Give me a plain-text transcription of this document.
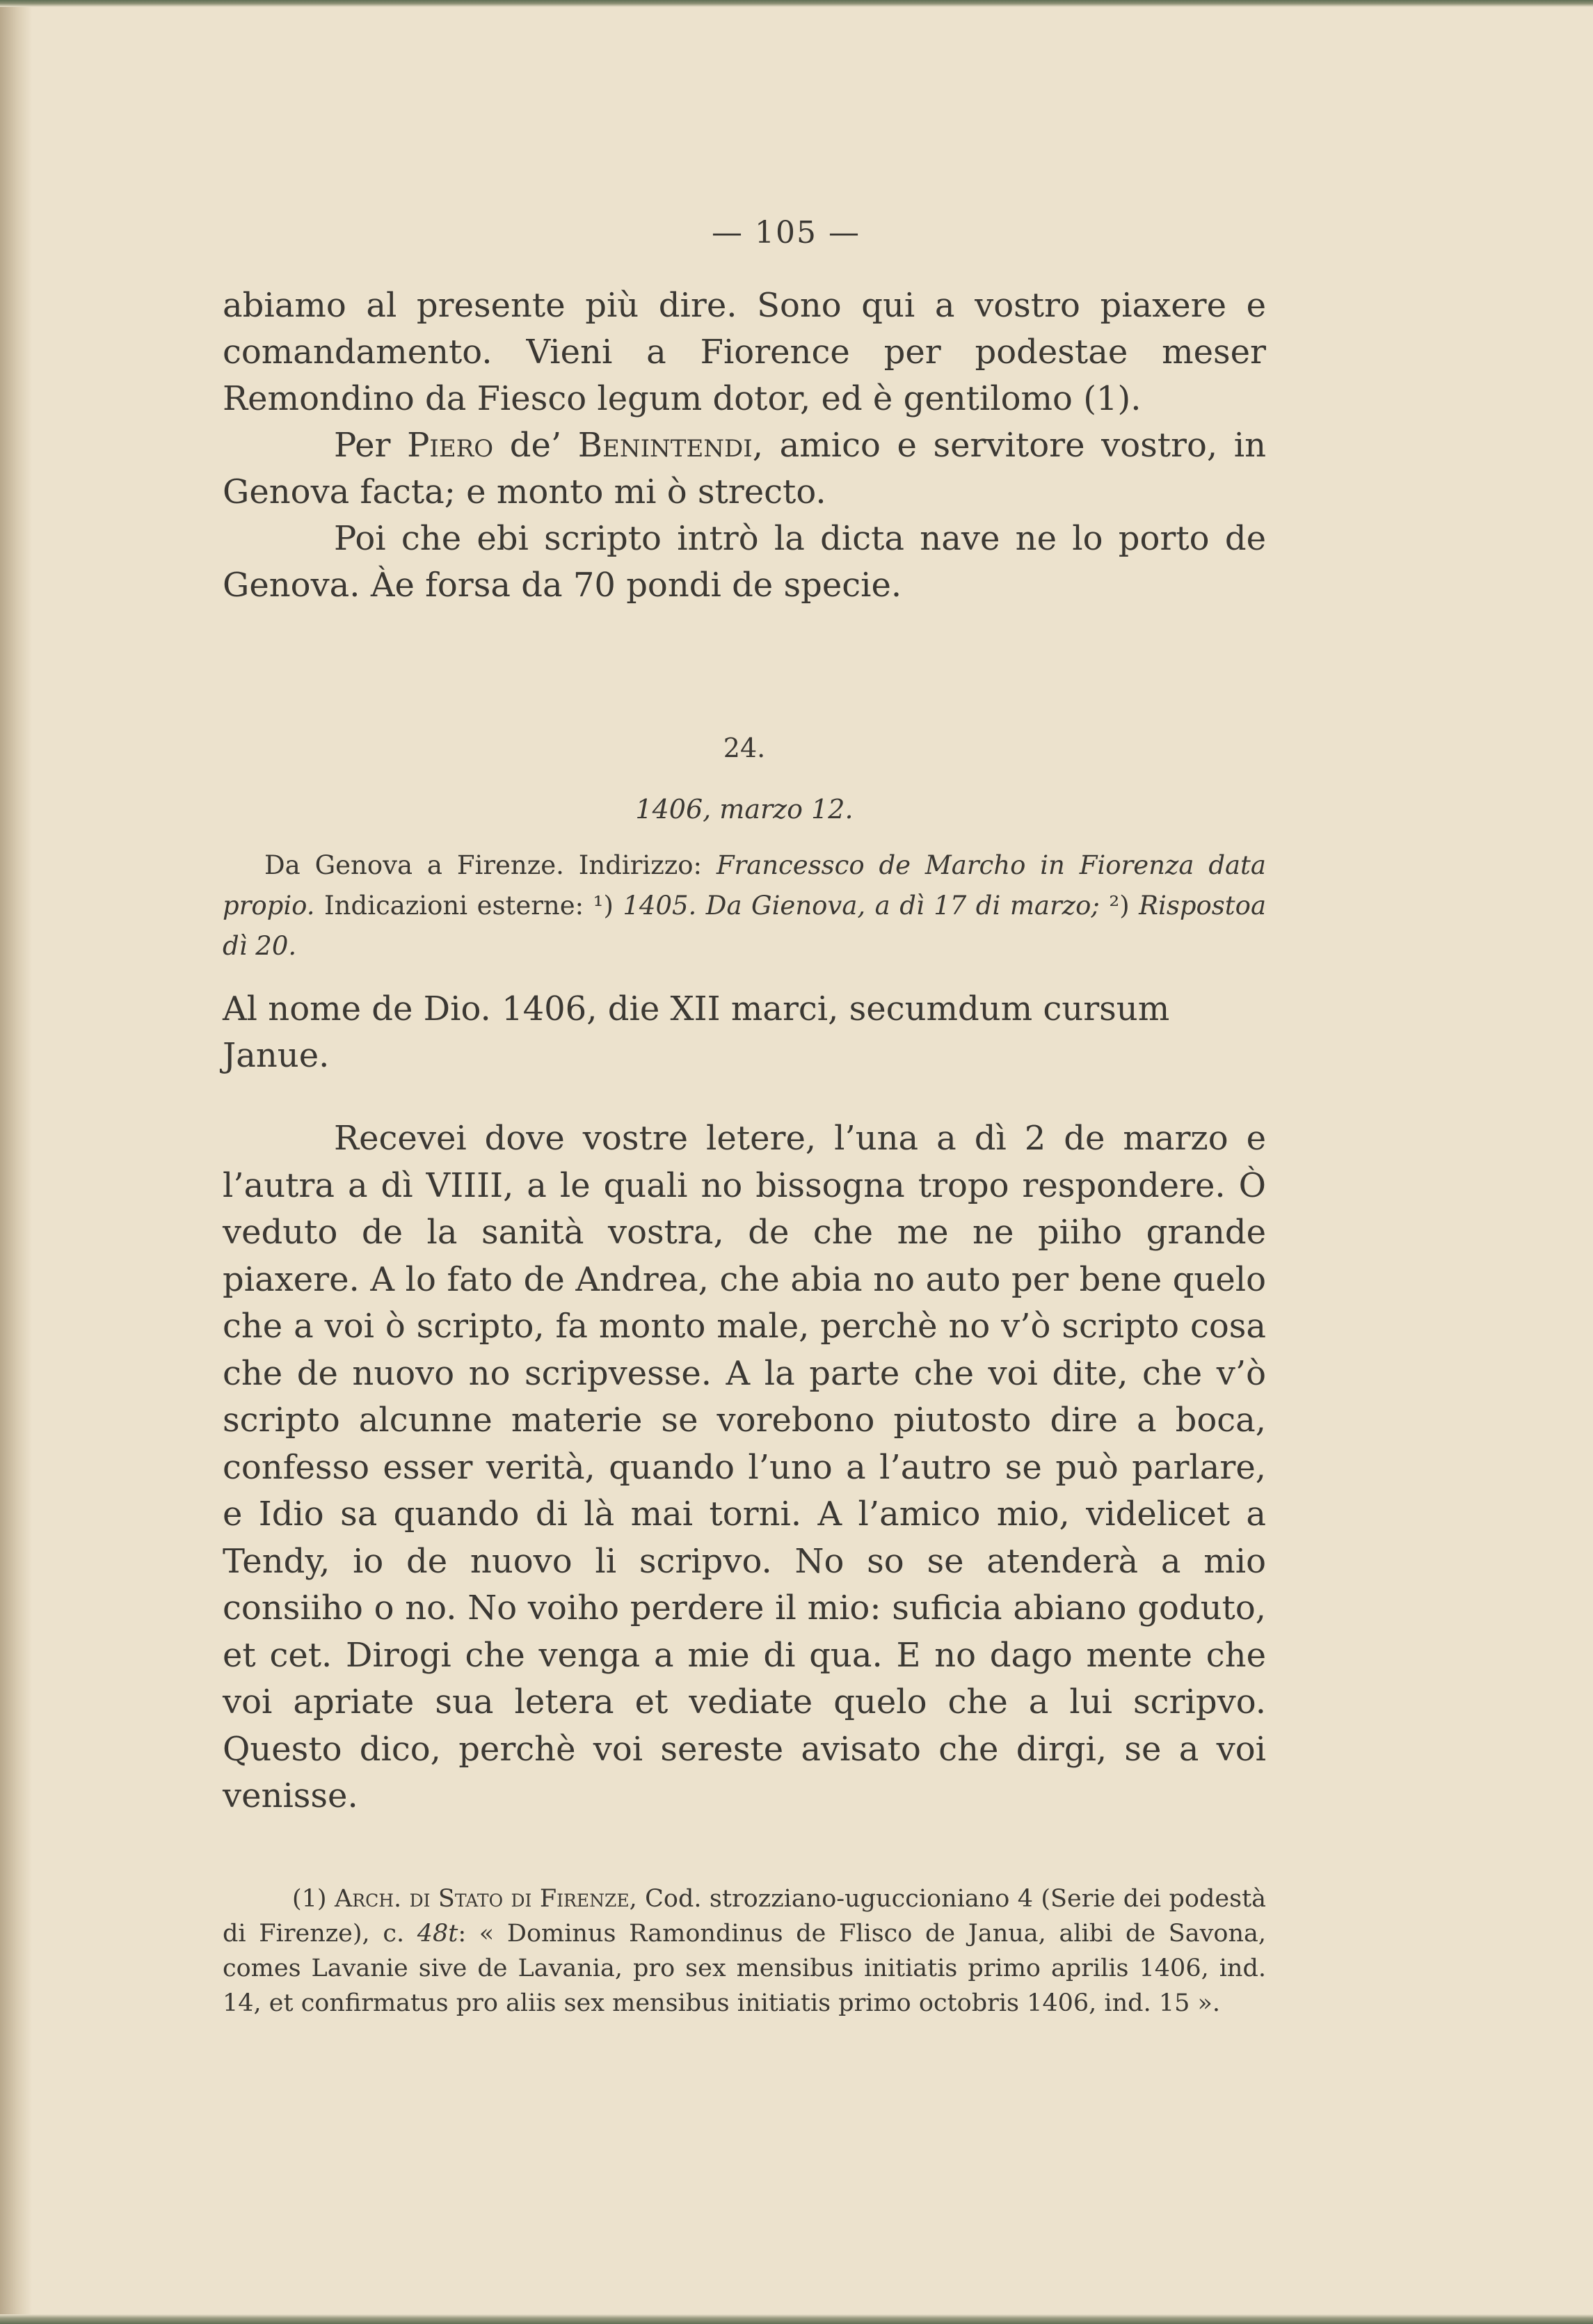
— 105 —

abiamo al presente più dire. Sono qui a vostro piaxere e comandamento. Vieni a Fiorence per podestae meser Remondino da Fiesco legum dotor, ed è gentilomo (1).

Per Piero de’ Benintendi, amico e servitore vostro, in Genova facta; e monto mi ò strecto.

Poi che ebi scripto intrò la dicta nave ne lo porto de Genova. Àe forsa da 70 pondi de specie.

24.
1406, marzo 12.
Da Genova a Firenze. Indirizzo: Francessco de Marcho in Fiorenza data propio. Indicazioni esterne: ¹) 1405. Da Gienova, a dì 17 di marzo; ²) Rispostoa dì 20.
Al nome de Dio. 1406, die XII marci, secumdum cursum Janue.
Recevei dove vostre letere, l’una a dì 2 de marzo e l’autra a dì VIIII, a le quali no bissogna tropo respondere. Ò veduto de la sanità vostra, de che me ne piiho grande piaxere. A lo fato de Andrea, che abia no auto per bene quelo che a voi ò scripto, fa monto male, perchè no v’ò scripto cosa che de nuovo no scripvesse. A la parte che voi dite, che v’ò scripto alcunne materie se vorebono piutosto dire a boca, confesso esser verità, quando l’uno a l’autro se può parlare, e Idio sa quando di là mai torni. A l’amico mio, videlicet a Tendy, io de nuovo li scripvo. No so se atenderà a mio consiiho o no. No voiho perdere il mio: suficia abiano goduto, et cet. Dirogi che venga a mie di qua. E no dago mente che voi apriate sua letera et vediate quelo che a lui scripvo. Questo dico, perchè voi sereste avisato che dirgi, se a voi venisse.
(1) Arch. di Stato di Firenze, Cod. strozziano-uguccioniano 4 (Serie dei podestà di Firenze), c. 48t: « Dominus Ramondinus de Flisco de Janua, alibi de Savona, comes Lavanie sive de Lavania, pro sex mensibus initiatis primo aprilis 1406, ind. 14, et confirmatus pro aliis sex mensibus initiatis primo octobris 1406, ind. 15 ».
